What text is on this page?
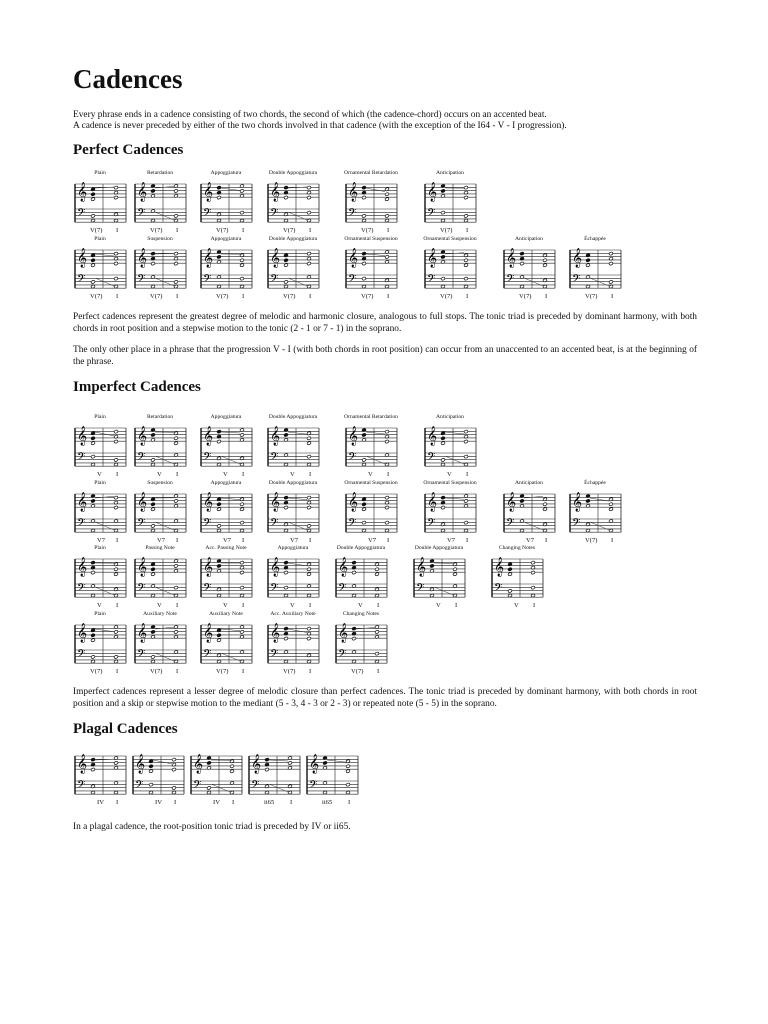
Cadences
Every phrase ends in a cadence consisting of two chords, the second of which (the cadence-chord) occurs on an accented beat.
A cadence is never preceded by either of the two chords involved in that cadence (with the exception of the I64 - V - I progression).
Perfect Cadences
Plain
𝄞
𝄢
V(7) I
Retardation
𝄞
𝄢
V(7) I
Appoggiatura
𝄞
𝄢
V(7) I
Double Appoggiatura
𝄞
𝄢
V(7) I
Ornamental Retardation
𝄞
𝄢
V(7) I
Anticipation
𝄞
𝄢
V(7) I
Plain
𝄞
𝄢
V(7) I
Suspension
𝄞
𝄢
V(7) I
Appoggiatura
𝄞
𝄢
V(7) I
Double Appoggiatura
𝄞
𝄢
V(7) I
Ornamental Suspension
𝄞
𝄢
V(7) I
Ornamental Suspension
𝄞
𝄢
V(7) I
Anticipation
𝄞
𝄢
V(7) I
Échappée
𝄞
𝄢
V(7) I
Perfect cadences represent the greatest degree of melodic and harmonic closure, analogous to full stops. The tonic triad is preceded by dominant harmony, with both chords in root position and a stepwise motion to the tonic (2 - 1 or 7 - 1) in the soprano.
The only other place in a phrase that the progression V - I (with both chords in root position) can occur from an unaccented to an accented beat, is at the beginning of the phrase.
Imperfect Cadences
Plain
𝄞
𝄢
V I
Retardation
𝄞
𝄢
V I
Appoggiatura
𝄞
𝄢
V I
Double Appoggiatura
𝄞
𝄢
V I
Ornamental Retardation
𝄞
𝄢
V I
Anticipation
𝄞
𝄢
V I
Plain
𝄞
𝄢
V7 I
Suspension
𝄞
𝄢
V7 I
Appoggiatura
𝄞
𝄢
V7 I
Double Appoggiatura
𝄞
𝄢
V7 I
Ornamental Suspension
𝄞
𝄢
V7 I
Ornamental Suspension
𝄞
𝄢
V7 I
Anticipation
𝄞
𝄢
V7 I
Échappée
𝄞
𝄢
V(7) I
Plain
𝄞
𝄢
V I
Passing Note
𝄞
𝄢
V I
Acc. Passing Note
𝄞
𝄢
V I
Appoggiatura
𝄞
𝄢
V I
Double Appoggiatura
𝄞
𝄢
V I
Double Appoggiatura
𝄞
𝄢
V I
Changing Notes
𝄞
𝄢
V I
Plain
𝄞
𝄢
V(7) I
Auxiliary Note
𝄞
𝄢
V(7) I
Auxiliary Note
𝄞
𝄢
V(7) I
Acc. Auxiliary Note
𝄞
𝄢
V(7) I
Changing Notes
𝄞
𝄢
V(7) I
Imperfect cadences represent a lesser degree of melodic closure than perfect cadences. The tonic triad is preceded by dominant harmony, with both chords in root position and a skip or stepwise motion to the mediant (5 - 3, 4 - 3 or 2 - 3) or repeated note (5 - 5) in the soprano.
Plagal Cadences
𝄞
𝄢
IV I
𝄞
𝄢
IV I
𝄞
𝄢
IV I
𝄞
𝄢
ii65 I
𝄞
𝄢
ii65 I
In a plagal cadence, the root-position tonic triad is preceded by IV or ii65.
